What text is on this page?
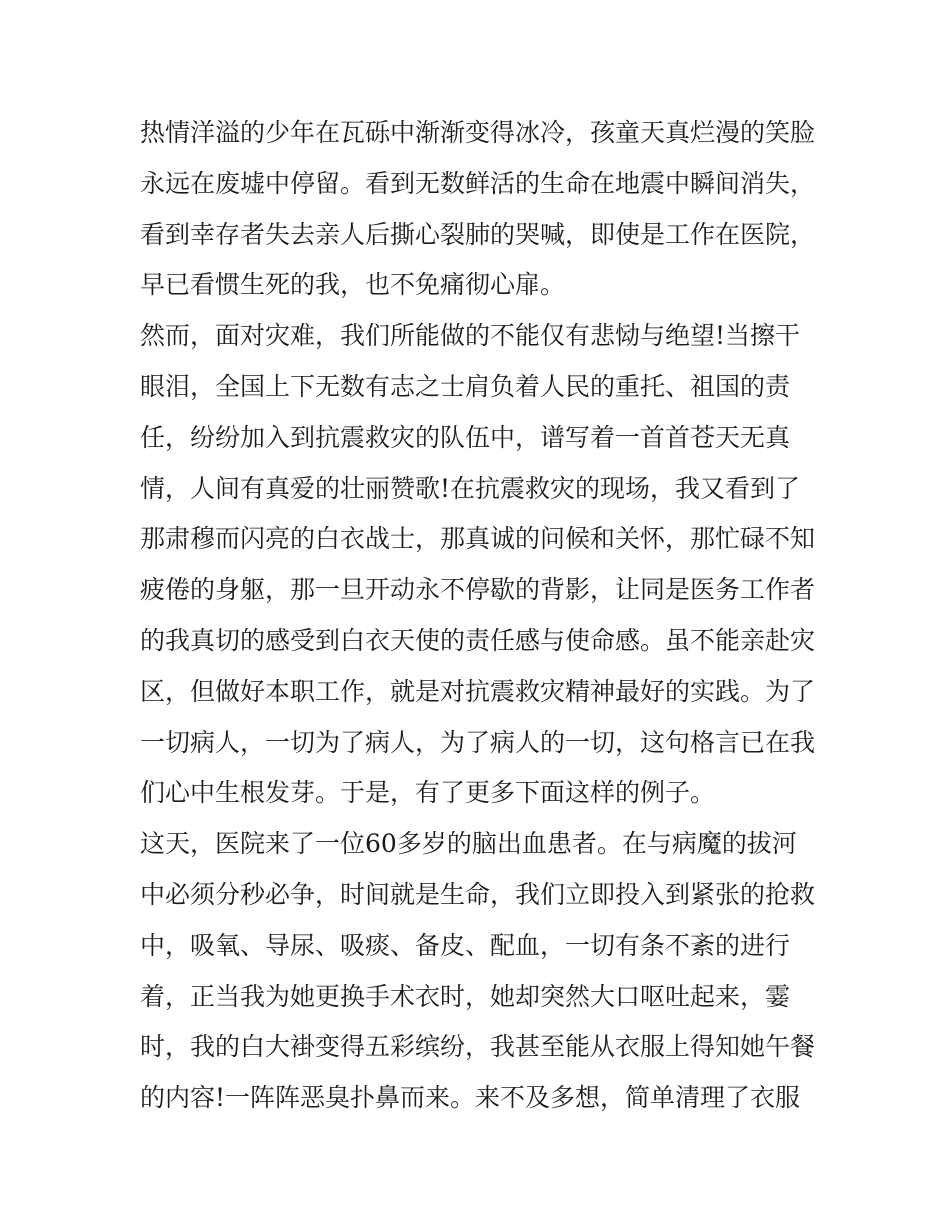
热情洋溢的少年在瓦砾中渐渐变得冰冷，孩童天真烂漫的笑脸
永远在废墟中停留。看到无数鲜活的生命在地震中瞬间消失，
看到幸存者失去亲人后撕心裂肺的哭喊，即使是工作在医院，
早已看惯生死的我，也不免痛彻心扉。
然而，面对灾难，我们所能做的不能仅有悲恸与绝望!当擦干
眼泪，全国上下无数有志之士肩负着人民的重托、祖国的责
任，纷纷加入到抗震救灾的队伍中，谱写着一首首苍天无真
情，人间有真爱的壮丽赞歌!在抗震救灾的现场，我又看到了
那肃穆而闪亮的白衣战士，那真诚的问候和关怀，那忙碌不知
疲倦的身躯，那一旦开动永不停歇的背影，让同是医务工作者
的我真切的感受到白衣天使的责任感与使命感。虽不能亲赴灾
区，但做好本职工作，就是对抗震救灾精神最好的实践。为了
一切病人，一切为了病人，为了病人的一切，这句格言已在我
们心中生根发芽。于是，有了更多下面这样的例子。
这天，医院来了一位60多岁的脑出血患者。在与病魔的拔河
中必须分秒必争，时间就是生命，我们立即投入到紧张的抢救
中，吸氧、导尿、吸痰、备皮、配血，一切有条不紊的进行
着，正当我为她更换手术衣时，她却突然大口呕吐起来，霎
时，我的白大褂变得五彩缤纷，我甚至能从衣服上得知她午餐
的内容!一阵阵恶臭扑鼻而来。来不及多想，简单清理了衣服
